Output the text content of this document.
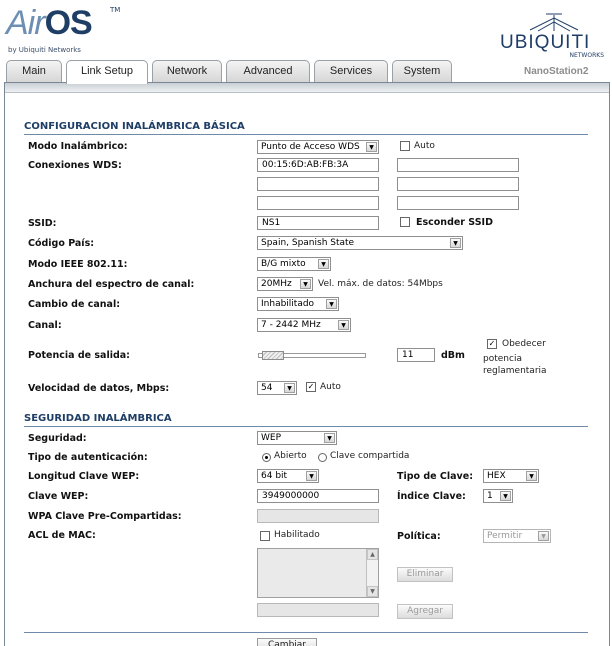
AirOS	TM
by Ubiquiti Networks	UBIQUITI
NETWORKS
Main	Link Setup	Network	Advanced	Services	System	NanoStation2
CONFIGURACION INALÁMBRICA BÁSICA
Modo Inalámbrico:	Punto de Acceso WDS	▼	Auto
Conexiones WDS:	00:15:6D:AB:FB:3A
SSID:	NS1	Esconder SSID
Código País:	Spain, Spanish State	▼
Modo IEEE 802.11:	B/G mixto	▼
Anchura del espectro de canal:	20MHz	▼	Vel. máx. de datos: 54Mbps
Cambio de canal:	Inhabilitado	▼
Canal:	7 - 2442 MHz	▼
Potencia de salida:	11	dBm
✓ Obedecer
potencia
reglamentaria
Velocidad de datos, Mbps:	54	▼	✓ Auto
SEGURIDAD INALÁMBRICA
Seguridad:	WEP	▼
Tipo de autenticación:	Abierto	Clave compartida
Longitud Clave WEP:	64 bit	▼	Tipo de Clave:	HEX	▼
Clave WEP:	3949000000	Índice Clave:	1	▼
WPA Clave Pre-Compartidas:
ACL de MAC:	Habilitado	Política:	Permitir	▼
▲
▼
Eliminar
Agregar
Cambiar
